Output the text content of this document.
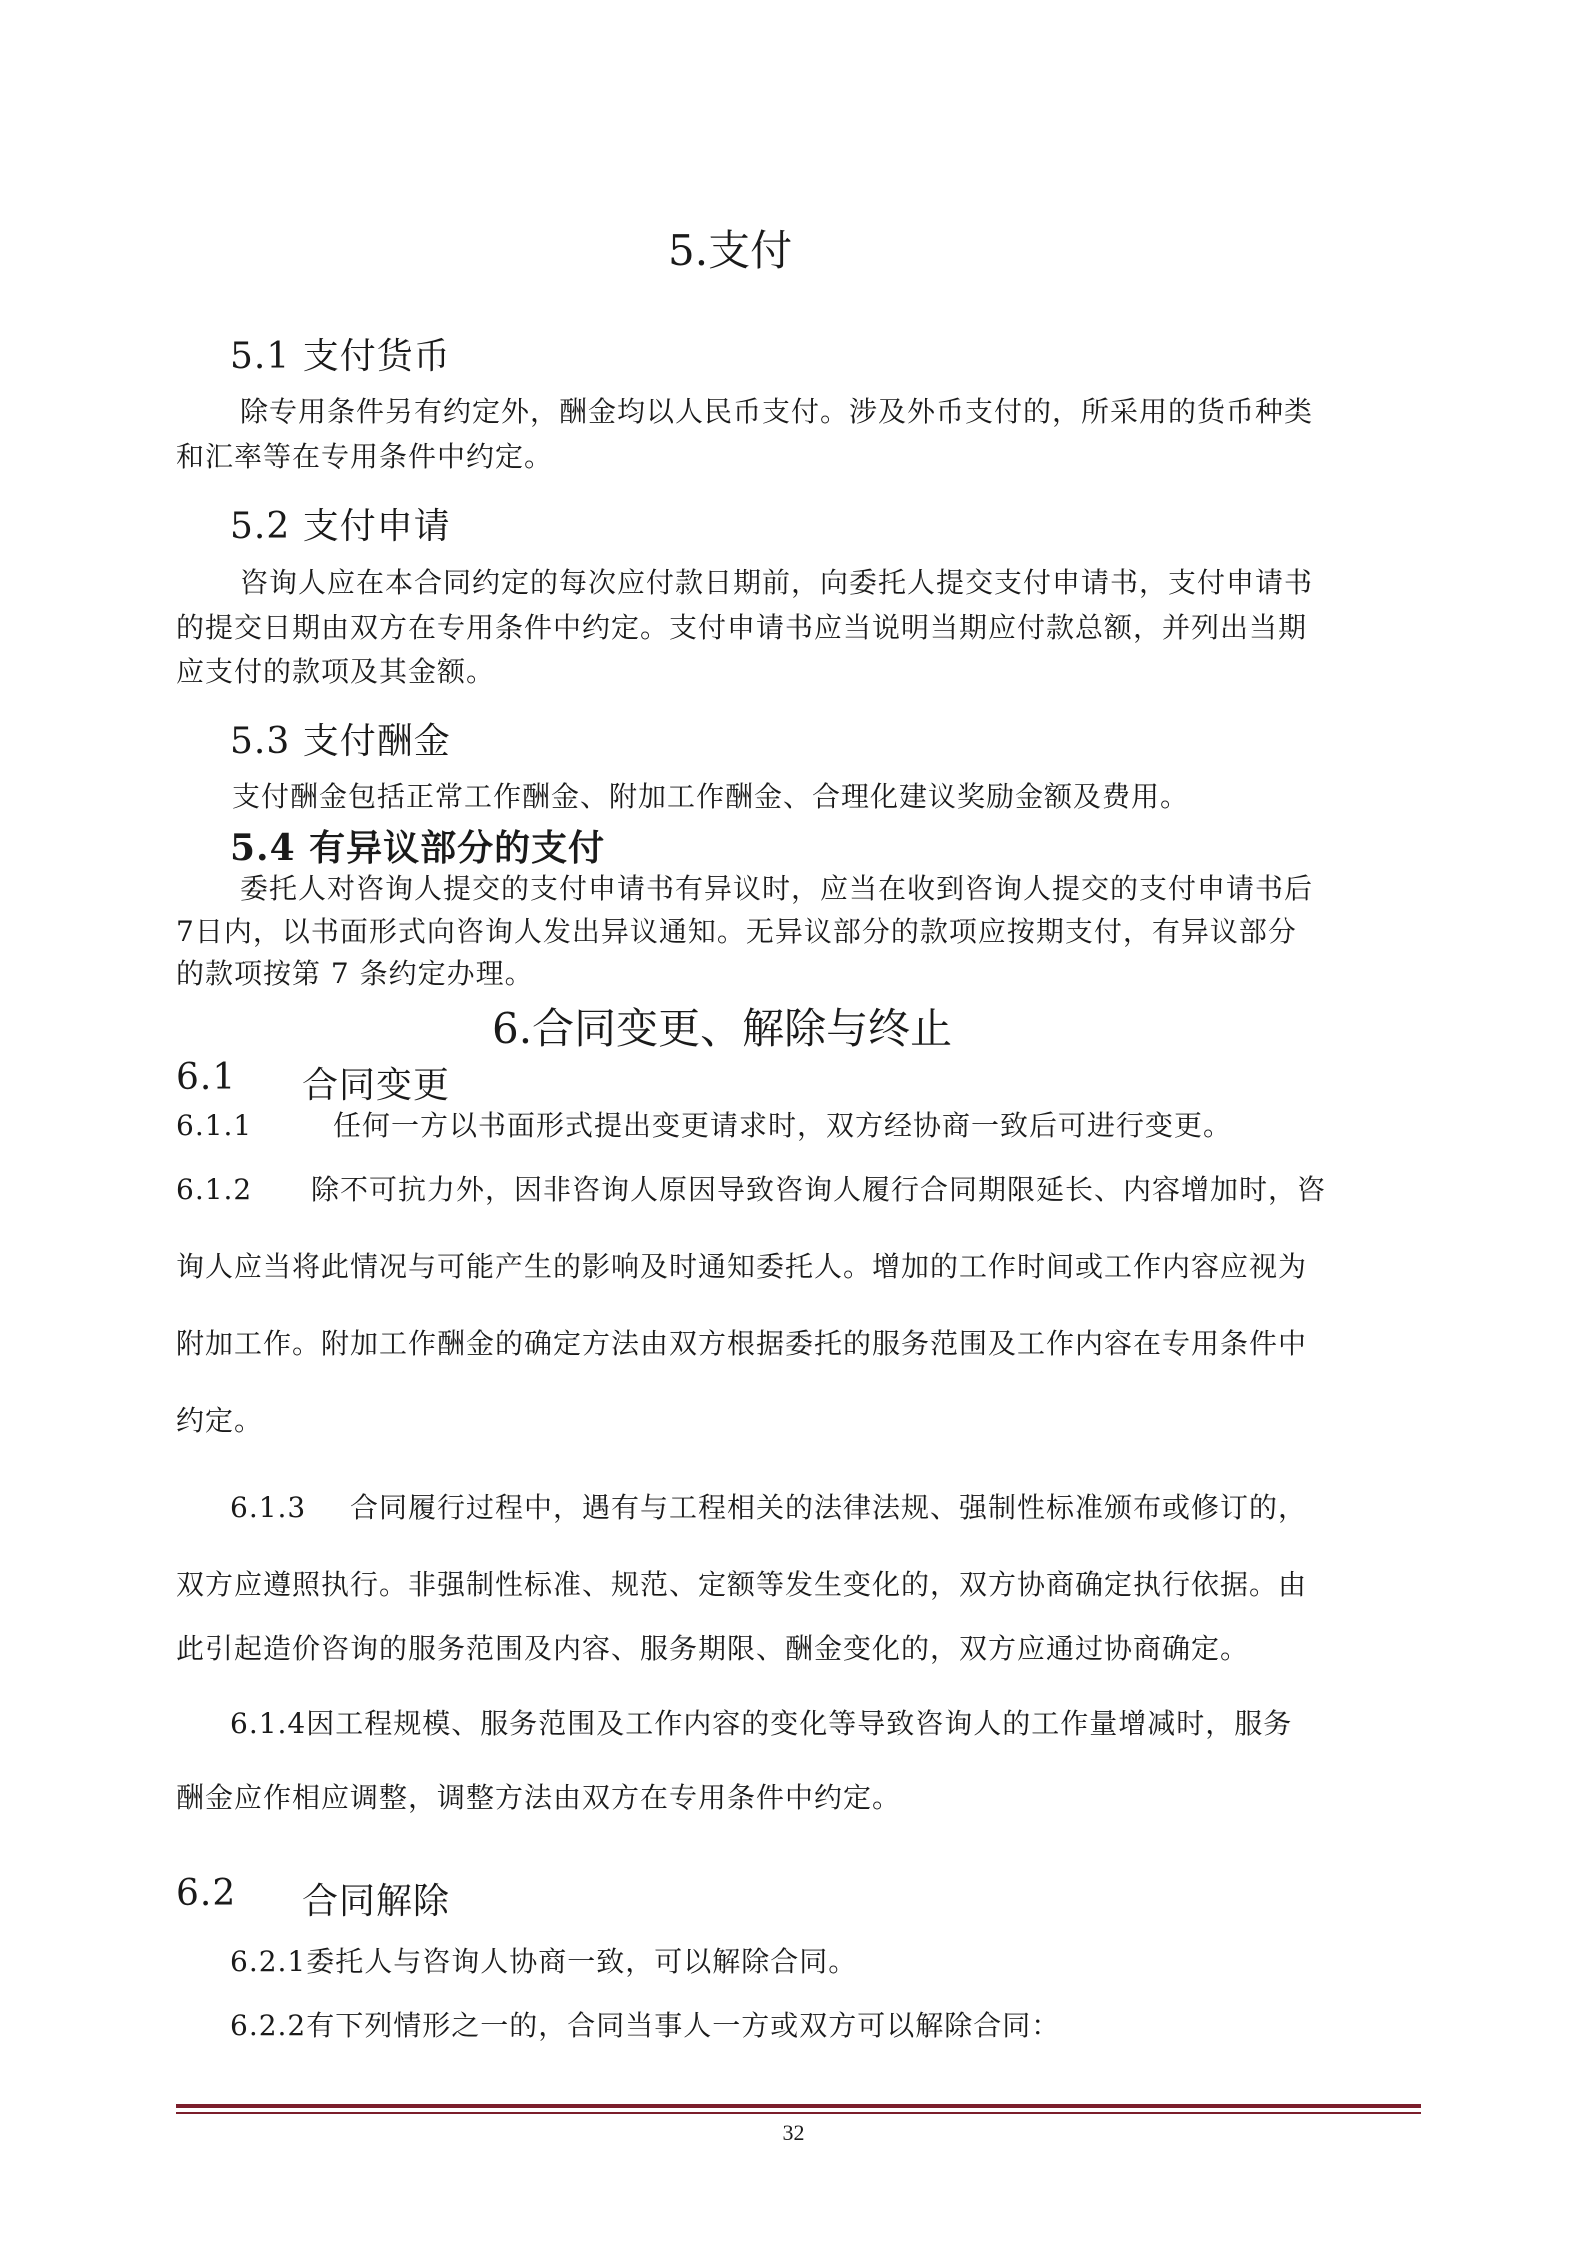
5.支付
5.1 支付货币

除专用条件另有约定外，酬金均以人民币支付。涉及外币支付的，所采用的货币种类

和汇率等在专用条件中约定。

5.2 支付申请

咨询人应在本合同约定的每次应付款日期前，向委托人提交支付申请书，支付申请书

的提交日期由双方在专用条件中约定。支付申请书应当说明当期应付款总额，并列出当期

应支付的款项及其金额。

5.3 支付酬金

支付酬金包括正常工作酬金、附加工作酬金、合理化建议奖励金额及费用。

5.4 有异议部分的支付

委托人对咨询人提交的支付申请书有异议时，应当在收到咨询人提交的支付申请书后

7日内，以书面形式向咨询人发出异议通知。无异议部分的款项应按期支付，有异议部分

的款项按第 7 条约定办理。

6.合同变更、解除与终止
6.1 合同变更

6.1.1	任何一方以书面形式提出变更请求时，双方经协商一致后可进行变更。

6.1.2 除不可抗力外，因非咨询人原因导致咨询人履行合同期限延长、内容增加时，咨

询人应当将此情况与可能产生的影响及时通知委托人。增加的工作时间或工作内容应视为

附加工作。附加工作酬金的确定方法由双方根据委托的服务范围及工作内容在专用条件中

约定。

6.1.3 合同履行过程中，遇有与工程相关的法律法规、强制性标准颁布或修订的，

双方应遵照执行。非强制性标准、规范、定额等发生变化的，双方协商确定执行依据。由

此引起造价咨询的服务范围及内容、服务期限、酬金变化的，双方应通过协商确定。

6.1.4因工程规模、服务范围及工作内容的变化等导致咨询人的工作量增减时，服务

酬金应作相应调整，调整方法由双方在专用条件中约定。

6.2 合同解除

6.2.1委托人与咨询人协商一致，可以解除合同。

6.2.2有下列情形之一的，合同当事人一方或双方可以解除合同：

32
